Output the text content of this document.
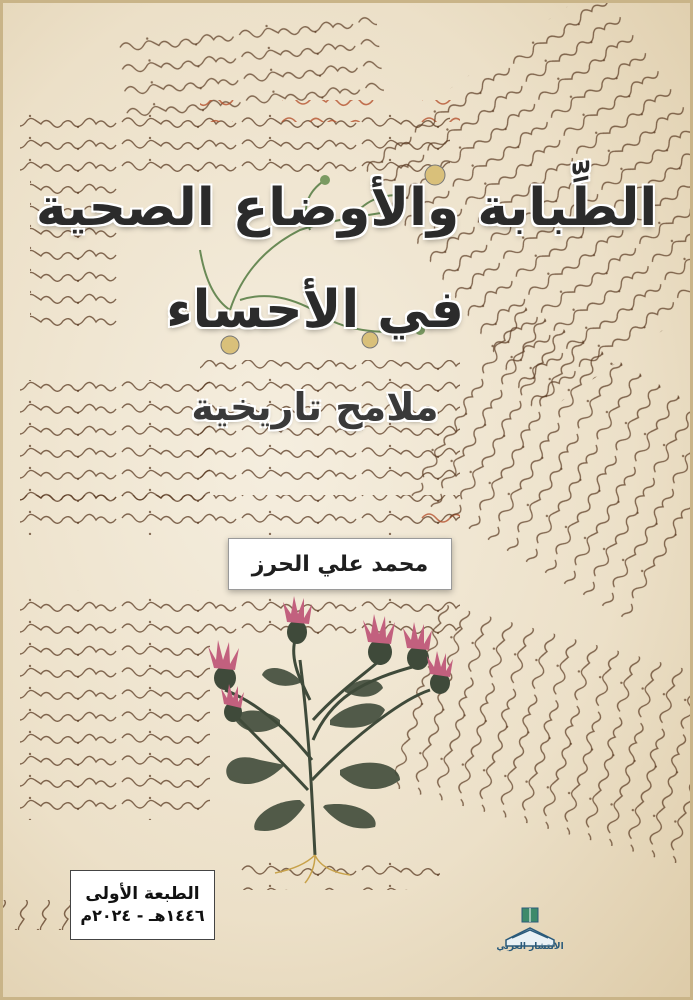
الطِّبابة والأوضاع الصحية
في الأحساء
ملامح تاريخية
محمد علي الحرز
الطبعة الأولى
١٤٤٦هـ - ٢٠٢٤م
الانتشار العربي
